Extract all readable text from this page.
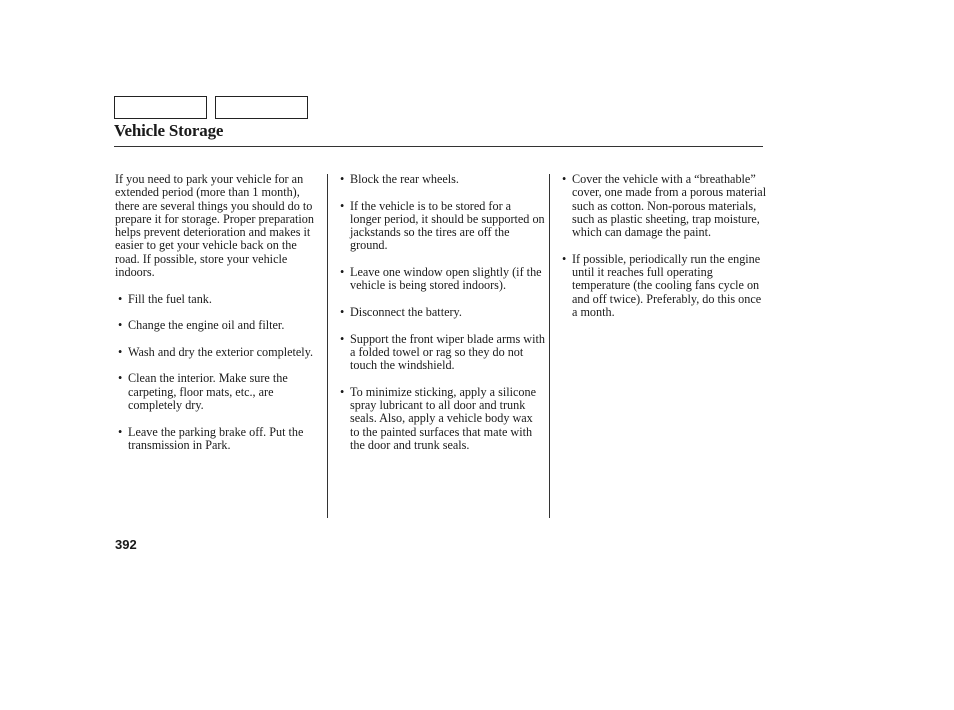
Vehicle Storage

If you need to park your vehicle for an extended period (more than 1 month), there are several things you should do to prepare it for storage. Proper preparation helps prevent deterioration and makes it easier to get your vehicle back on the road. If possible, store your vehicle indoors.

• Fill the fuel tank.
• Change the engine oil and filter.
• Wash and dry the exterior completely.
• Clean the interior. Make sure the carpeting, floor mats, etc., are completely dry.
• Leave the parking brake off. Put the transmission in Park.
• Block the rear wheels.
• If the vehicle is to be stored for a longer period, it should be supported on jackstands so the tires are off the ground.
• Leave one window open slightly (if the vehicle is being stored indoors).
• Disconnect the battery.
• Support the front wiper blade arms with a folded towel or rag so they do not touch the windshield.
• To minimize sticking, apply a silicone spray lubricant to all door and trunk seals. Also, apply a vehicle body wax to the painted surfaces that mate with the door and trunk seals.
• Cover the vehicle with a “breathable” cover, one made from a porous material such as cotton. Non-porous materials, such as plastic sheeting, trap moisture, which can damage the paint.
• If possible, periodically run the engine until it reaches full operating temperature (the cooling fans cycle on and off twice). Preferably, do this once a month.
392
